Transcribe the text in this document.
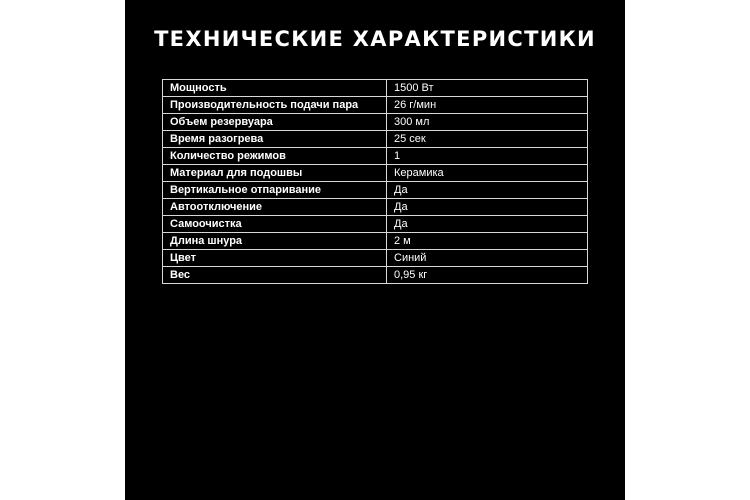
ТЕХНИЧЕСКИЕ ХАРАКТЕРИСТИКИ
Мощность	1500 Вт
Производительность подачи пара	26 г/мин
Объем резервуара	300 мл
Время разогрева	25 сек
Количество режимов	1
Материал для подошвы	Керамика
Вертикальное отпаривание	Да
Автоотключение	Да
Самоочистка	Да
Длина шнура	2 м
Цвет	Синий
Вес	0,95 кг
